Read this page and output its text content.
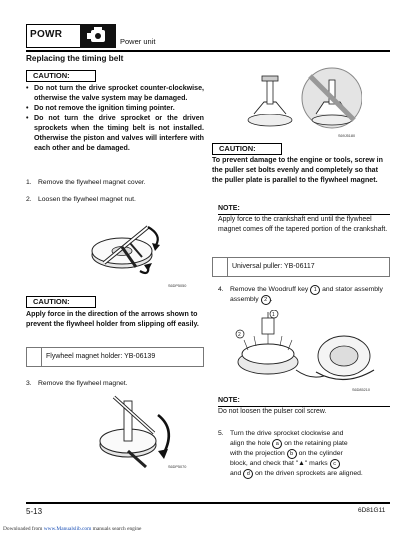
POWR
Power unit
Replacing the timing belt
CAUTION:
• Do not turn the drive sprocket counter-clockwise, otherwise the valve system may be damaged.
• Do not remove the ignition timing pointer.
• Do not turn the drive sprocket or the driven sprockets when the timing belt is not installed. Otherwise the piston and valves will interfere with each other and be damaged.
1. Remove the flywheel magnet cover.
2. Loosen the flywheel magnet nut.
S6DP5050
CAUTION:
Apply force in the direction of the arrows shown to prevent the flywheel holder from slipping off easily.
Flywheel magnet holder: YB-06139
3. Remove the flywheel magnet.
S6DP5070
S69J5180
CAUTION:
To prevent damage to the engine or tools, screw in the puller set bolts evenly and completely so that the puller plate is parallel to the flywheel magnet.
NOTE:
Apply force to the crankshaft end until the flywheel magnet comes off the tapered portion of the crankshaft.
Universal puller: YB-06117
4. Remove the Woodruff key 1 and stator assembly
assembly 2 .
2
1
S6D85210
NOTE:
Do not loosen the pulser coil screw.
5. Turn the drive sprocket clockwise and
align the hole a on the retaining plate
with the projection b on the cylinder
block, and check that "▲" marks c
and d on the driven sprockets are aligned.
5-13	6D81G11
Downloaded from www.Manualslib.com manuals search engine
